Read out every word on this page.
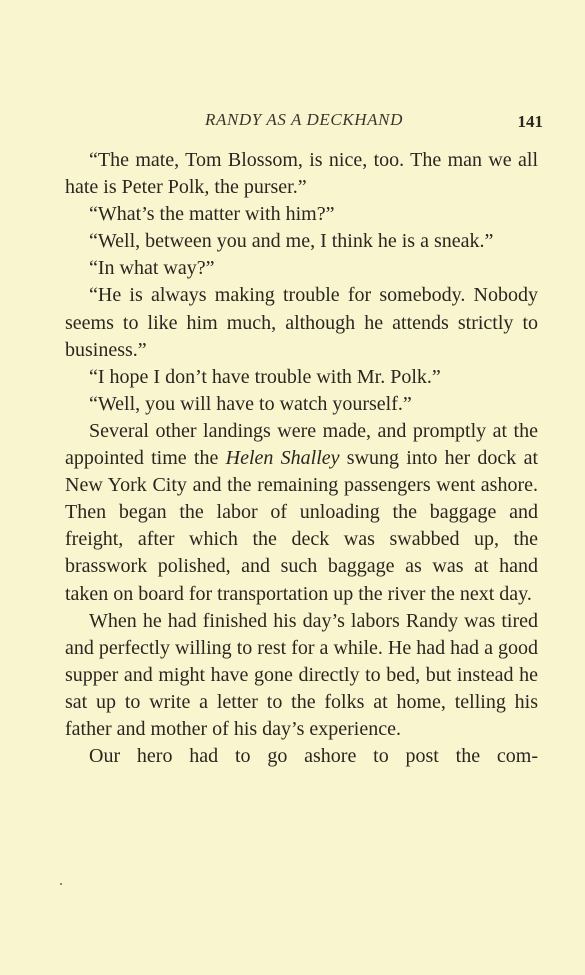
RANDY AS A DECKHAND	141

“The mate, Tom Blossom, is nice, too. The man we all hate is Peter Polk, the purser.”

“What’s the matter with him?”

“Well, between you and me, I think he is a sneak.”

“In what way?”

“He is always making trouble for somebody. Nobody seems to like him much, although he attends strictly to business.”

“I hope I don’t have trouble with Mr. Polk.”

“Well, you will have to watch yourself.”

Several other landings were made, and promptly at the appointed time the Helen Shalley swung into her dock at New York City and the remaining passengers went ashore. Then began the labor of unloading the baggage and freight, after which the deck was swabbed up, the brasswork polished, and such baggage as was at hand taken on board for transportation up the river the next day.

When he had finished his day’s labors Randy was tired and perfectly willing to rest for a while. He had had a good supper and might have gone directly to bed, but instead he sat up to write a letter to the folks at home, telling his father and mother of his day’s experience.

Our hero had to go ashore to post the com-
